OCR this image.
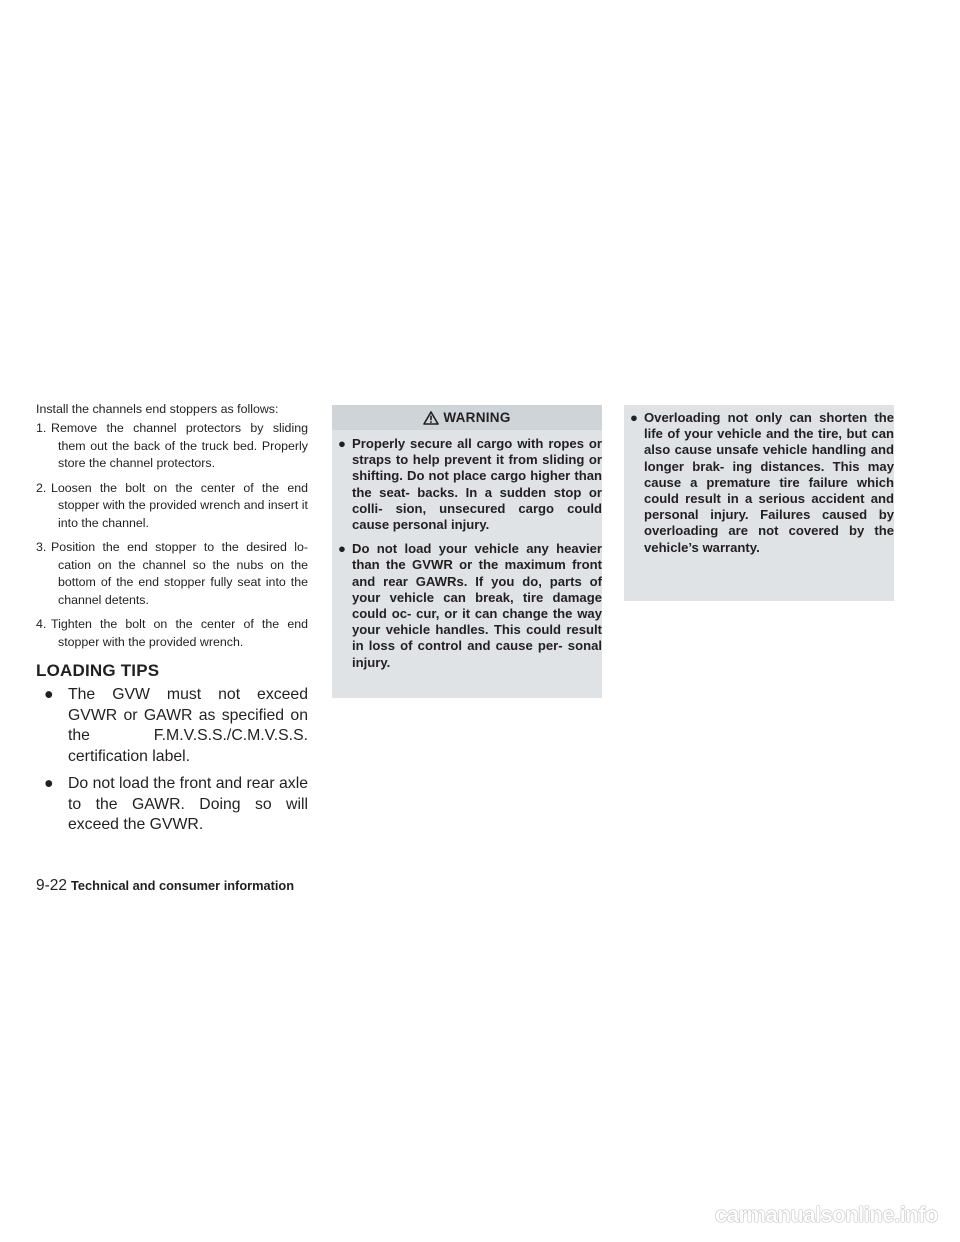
Install the channels end stoppers as follows:

1. Remove the channel protectors by sliding them out the back of the truck bed. Properly store the channel protectors.
2. Loosen the bolt on the center of the end stopper with the provided wrench and insert it into the channel.
3. Position the end stopper to the desired lo- cation on the channel so the nubs on the bottom of the end stopper fully seat into the channel detents.
4. Tighten the bolt on the center of the end stopper with the provided wrench.
LOADING TIPS
● The GVW must not exceed GVWR or GAWR as specified on the F.M.V.S.S./C.M.V.S.S. certification label.
● Do not load the front and rear axle to the GAWR. Doing so will exceed the GVWR.
WARNING
● Properly secure all cargo with ropes or straps to help prevent it from sliding or shifting. Do not place cargo higher than the seat- backs. In a sudden stop or colli- sion, unsecured cargo could cause personal injury.
● Do not load your vehicle any heavier than the GVWR or the maximum front and rear GAWRs. If you do, parts of your vehicle can break, tire damage could oc- cur, or it can change the way your vehicle handles. This could result in loss of control and cause per- sonal injury.
● Overloading not only can shorten the life of your vehicle and the tire, but can also cause unsafe vehicle handling and longer brak- ing distances. This may cause a premature tire failure which could result in a serious accident and personal injury. Failures caused by overloading are not covered by the vehicle’s warranty.
9-22 Technical and consumer information
carmanualsonline.info
